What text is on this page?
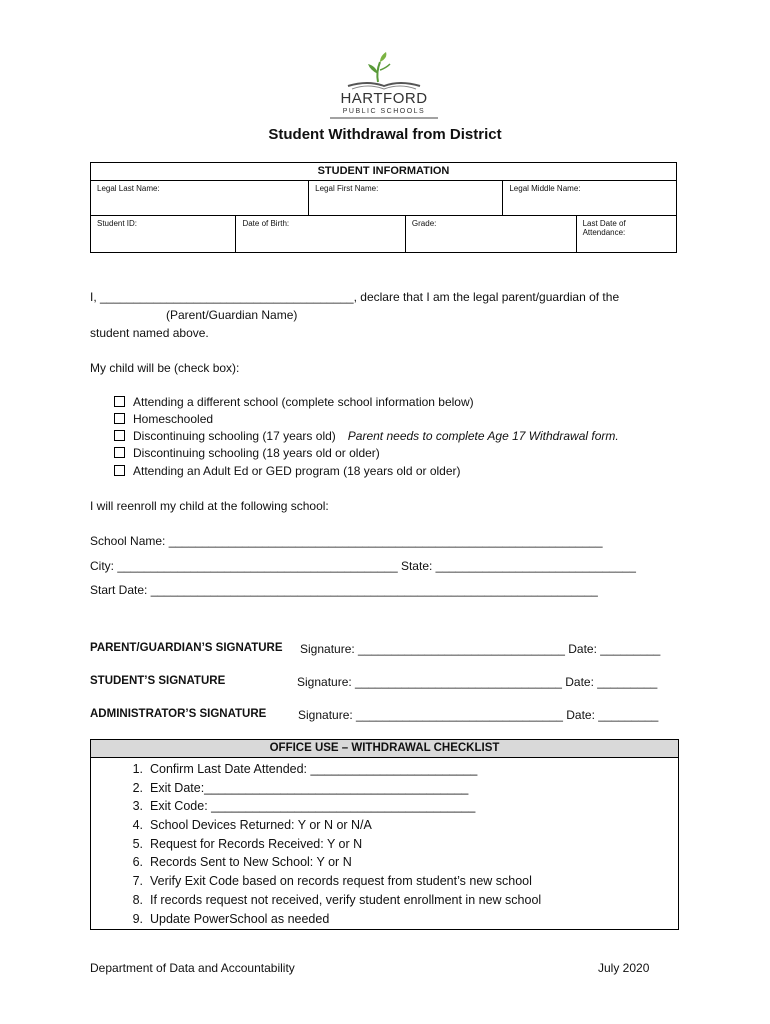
HARTFORD
PUBLIC SCHOOLS
Student Withdrawal from District
STUDENT INFORMATION					
Legal Last Name:		Legal First Name:		Legal Middle Name:	
Student ID:	Date of Birth:		Grade:		Last Date of Attendance:
I, ______________________________________, declare that I am the legal parent/guardian of the
(Parent/Guardian Name)
student named above.
My child will be (check box):
Attending a different school (complete school information below)
Homeschooled
Discontinuing schooling (17 years old) Parent needs to complete Age 17 Withdrawal form.
Discontinuing schooling (18 years old or older)
Attending an Adult Ed or GED program (18 years old or older)
I will reenroll my child at the following school:
School Name: _________________________________________________________________
City: __________________________________________ State: ______________________________
Start Date: ___________________________________________________________________
PARENT/GUARDIAN’S SIGNATURE Signature: _______________________________ Date: _________
STUDENT’S SIGNATURE	Signature: _______________________________ Date: _________
ADMINISTRATOR’S SIGNATURE	Signature: _______________________________ Date: _________
OFFICE USE – WITHDRAWAL CHECKLIST
1. Confirm Last Date Attended: ________________________
2. Exit Date:______________________________________
3. Exit Code: ______________________________________
4. School Devices Returned: Y or N or N/A
5. Request for Records Received: Y or N
6. Records Sent to New School: Y or N
7. Verify Exit Code based on records request from student’s new school
8. If records request not received, verify student enrollment in new school
9. Update PowerSchool as needed
Department of Data and Accountability	July 2020
